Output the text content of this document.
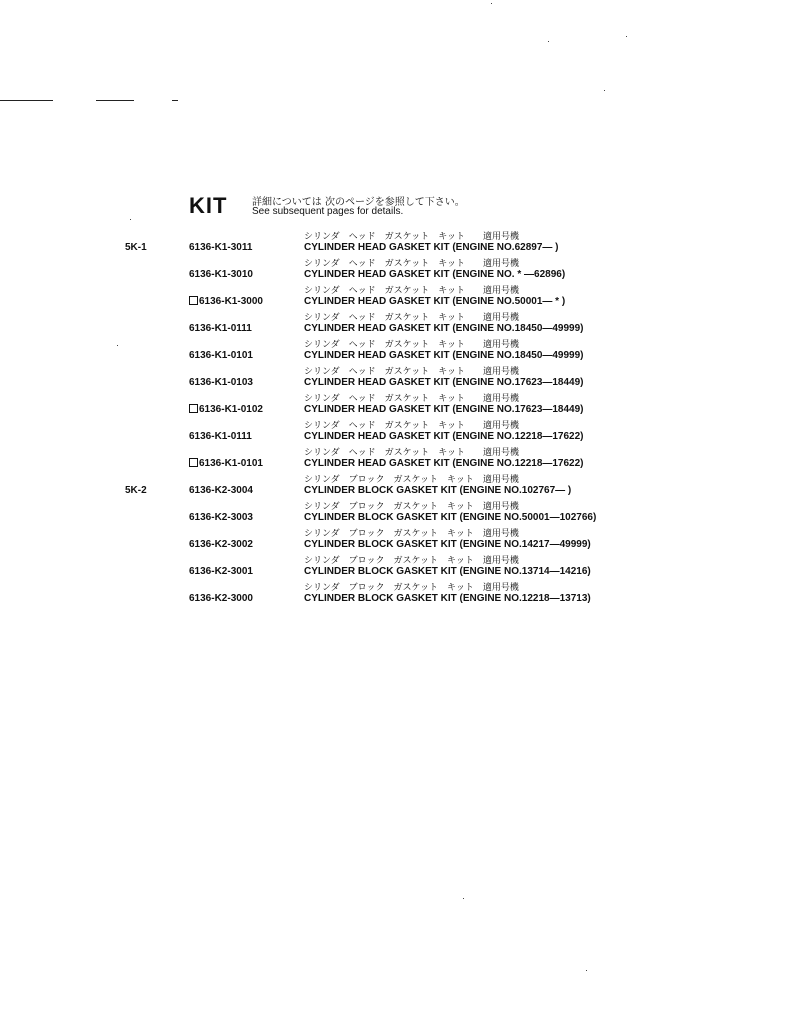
KIT 詳細については 次のページを参照して下さい。
See subsequent pages for details.
シリンダ　ヘッド　ガスケット　キット　　適用号機
5K-1	6136-K1-3011	CYLINDER HEAD GASKET KIT (ENGINE NO.62897— )
シリンダ　ヘッド　ガスケット　キット　　適用号機
6136-K1-3010	CYLINDER HEAD GASKET KIT (ENGINE NO. * —62896)
シリンダ　ヘッド　ガスケット　キット　　適用号機
6136-K1-3000	CYLINDER HEAD GASKET KIT (ENGINE NO.50001— * )
シリンダ　ヘッド　ガスケット　キット　　適用号機
6136-K1-0111	CYLINDER HEAD GASKET KIT (ENGINE NO.18450—49999)
シリンダ　ヘッド　ガスケット　キット　　適用号機
6136-K1-0101	CYLINDER HEAD GASKET KIT (ENGINE NO.18450—49999)
シリンダ　ヘッド　ガスケット　キット　　適用号機
6136-K1-0103	CYLINDER HEAD GASKET KIT (ENGINE NO.17623—18449)
シリンダ　ヘッド　ガスケット　キット　　適用号機
6136-K1-0102	CYLINDER HEAD GASKET KIT (ENGINE NO.17623—18449)
シリンダ　ヘッド　ガスケット　キット　　適用号機
6136-K1-0111	CYLINDER HEAD GASKET KIT (ENGINE NO.12218—17622)
シリンダ　ヘッド　ガスケット　キット　　適用号機
6136-K1-0101	CYLINDER HEAD GASKET KIT (ENGINE NO.12218—17622)
シリンダ　ブロック　ガスケット　キット　適用号機
5K-2	6136-K2-3004	CYLINDER BLOCK GASKET KIT (ENGINE NO.102767— )
シリンダ　ブロック　ガスケット　キット　適用号機
6136-K2-3003	CYLINDER BLOCK GASKET KIT (ENGINE NO.50001—102766)
シリンダ　ブロック　ガスケット　キット　適用号機
6136-K2-3002	CYLINDER BLOCK GASKET KIT (ENGINE NO.14217—49999)
シリンダ　ブロック　ガスケット　キット　適用号機
6136-K2-3001	CYLINDER BLOCK GASKET KIT (ENGINE NO.13714—14216)
シリンダ　ブロック　ガスケット　キット　適用号機
6136-K2-3000	CYLINDER BLOCK GASKET KIT (ENGINE NO.12218—13713)
